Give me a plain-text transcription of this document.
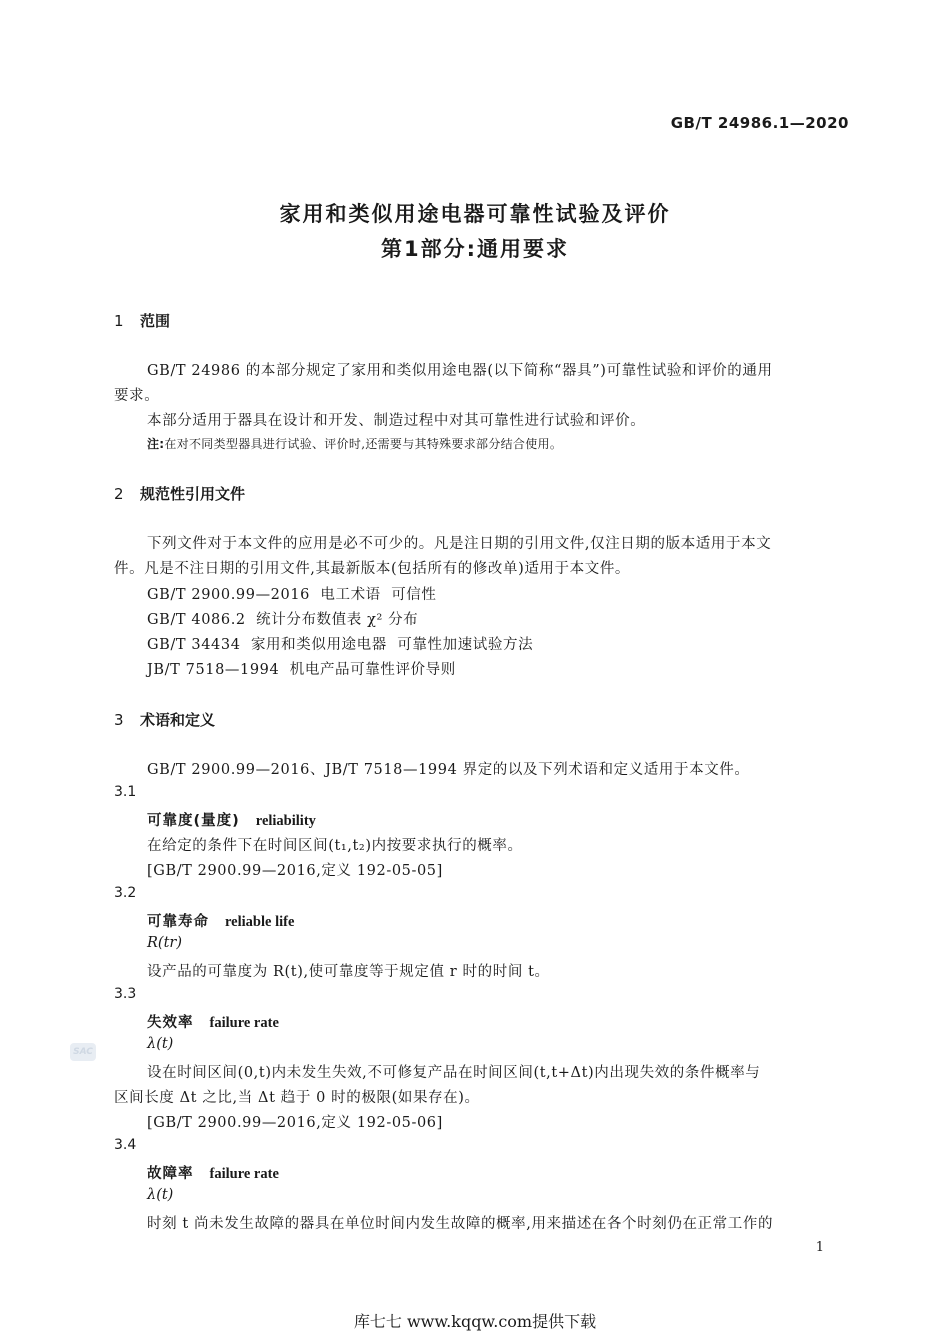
GB/T 24986.1—2020
家用和类似用途电器可靠性试验及评价
第1部分:通用要求
1 范围
GB/T 24986 的本部分规定了家用和类似用途电器(以下简称“器具”)可靠性试验和评价的通用
要求。
本部分适用于器具在设计和开发、制造过程中对其可靠性进行试验和评价。
注:在对不同类型器具进行试验、评价时,还需要与其特殊要求部分结合使用。
2 规范性引用文件
下列文件对于本文件的应用是必不可少的。凡是注日期的引用文件,仅注日期的版本适用于本文
件。凡是不注日期的引用文件,其最新版本(包括所有的修改单)适用于本文件。
GB/T 2900.99—2016  电工术语  可信性
GB/T 4086.2  统计分布数值表 χ² 分布
GB/T 34434  家用和类似用途电器  可靠性加速试验方法
JB/T 7518—1994  机电产品可靠性评价导则
3 术语和定义
GB/T 2900.99—2016、JB/T 7518—1994 界定的以及下列术语和定义适用于本文件。
3.1
可靠度(量度) reliability
在给定的条件下在时间区间(t₁,t₂)内按要求执行的概率。
[GB/T 2900.99—2016,定义 192-05-05]
3.2
可靠寿命 reliable life
R(tr)
设产品的可靠度为 R(t),使可靠度等于规定值 r 时的时间 t。
3.3
失效率 failure rate
λ(t)
设在时间区间(0,t)内未发生失效,不可修复产品在时间区间(t,t+Δt)内出现失效的条件概率与
区间长度 Δt 之比,当 Δt 趋于 0 时的极限(如果存在)。
[GB/T 2900.99—2016,定义 192-05-06]
3.4
故障率 failure rate
λ(t)
时刻 t 尚未发生故障的器具在单位时间内发生故障的概率,用来描述在各个时刻仍在正常工作的
1
SAC
库七七 www.kqqw.com提供下载
